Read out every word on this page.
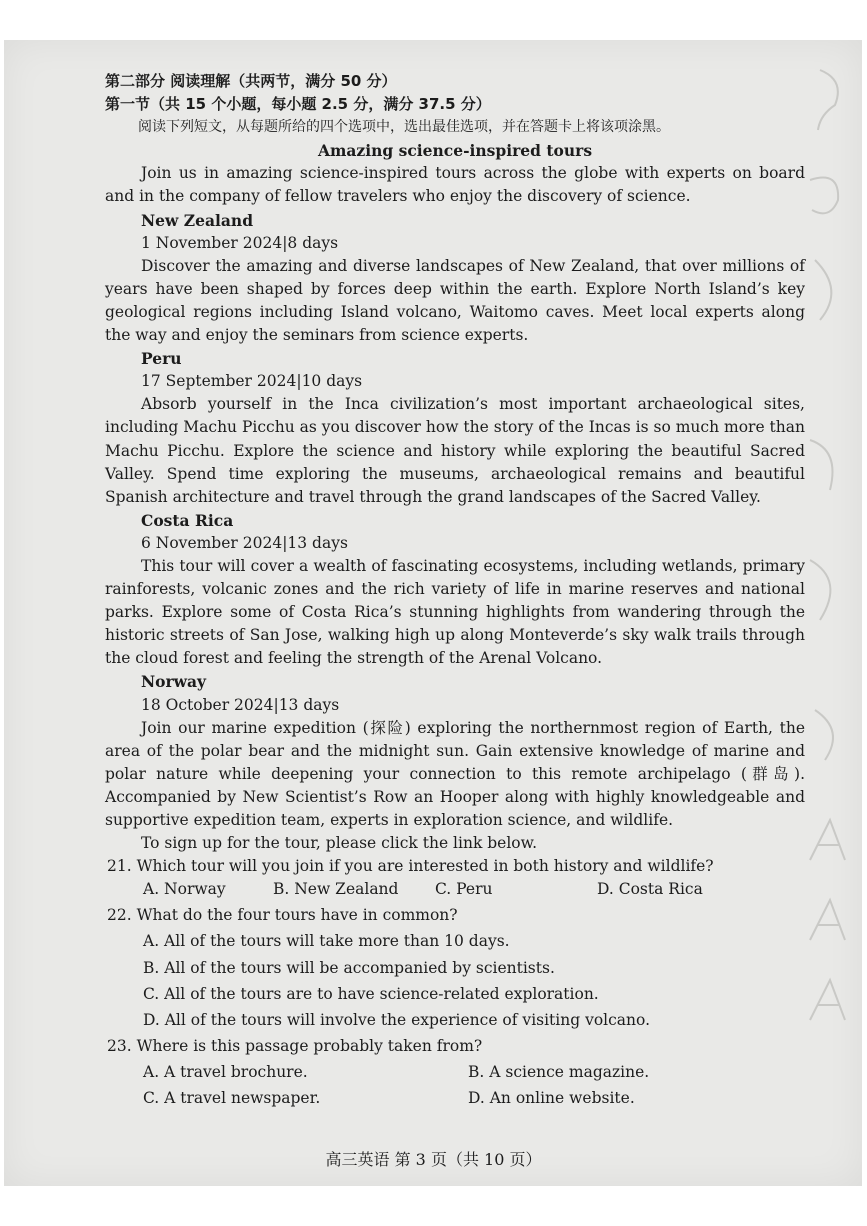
第二部分 阅读理解（共两节，满分 50 分）

第一节（共 15 个小题，每小题 2.5 分，满分 37.5 分）

阅读下列短文，从每题所给的四个选项中，选出最佳选项，并在答题卡上将该项涂黑。

Amazing science-inspired tours

Join us in amazing science-inspired tours across the globe with experts on board and in the company of fellow travelers who enjoy the discovery of science.

New Zealand

1 November 2024|8 days

Discover the amazing and diverse landscapes of New Zealand, that over millions of years have been shaped by forces deep within the earth. Explore North Island’s key geological regions including Island volcano, Waitomo caves. Meet local experts along the way and enjoy the seminars from science experts.

Peru

17 September 2024|10 days

Absorb yourself in the Inca civilization’s most important archaeological sites, including Machu Picchu as you discover how the story of the Incas is so much more than Machu Picchu. Explore the science and history while exploring the beautiful Sacred Valley. Spend time exploring the museums, archaeological remains and beautiful Spanish architecture and travel through the grand landscapes of the Sacred Valley.

Costa Rica

6 November 2024|13 days

This tour will cover a wealth of fascinating ecosystems, including wetlands, primary rainforests, volcanic zones and the rich variety of life in marine reserves and national parks. Explore some of Costa Rica’s stunning highlights from wandering through the historic streets of San Jose, walking high up along Monteverde’s sky walk trails through the cloud forest and feeling the strength of the Arenal Volcano.

Norway

18 October 2024|13 days

Join our marine expedition (探险) exploring the northernmost region of Earth, the area of the polar bear and the midnight sun. Gain extensive knowledge of marine and polar nature while deepening your connection to this remote archipelago (群岛). Accompanied by New Scientist’s Row an Hooper along with highly knowledgeable and supportive expedition team, experts in exploration science, and wildlife.

To sign up for the tour, please click the link below.

21. Which tour will you join if you are interested in both history and wildlife?

A. Norway	B. New Zealand	C. Peru	D. Costa Rica

22. What do the four tours have in common?

A. All of the tours will take more than 10 days.

B. All of the tours will be accompanied by scientists.

C. All of the tours are to have science-related exploration.

D. All of the tours will involve the experience of visiting volcano.

23. Where is this passage probably taken from?

A. A travel brochure.	B. A science magazine.
C. A travel newspaper.	D. An online website.
高三英语 第 3 页（共 10 页）
